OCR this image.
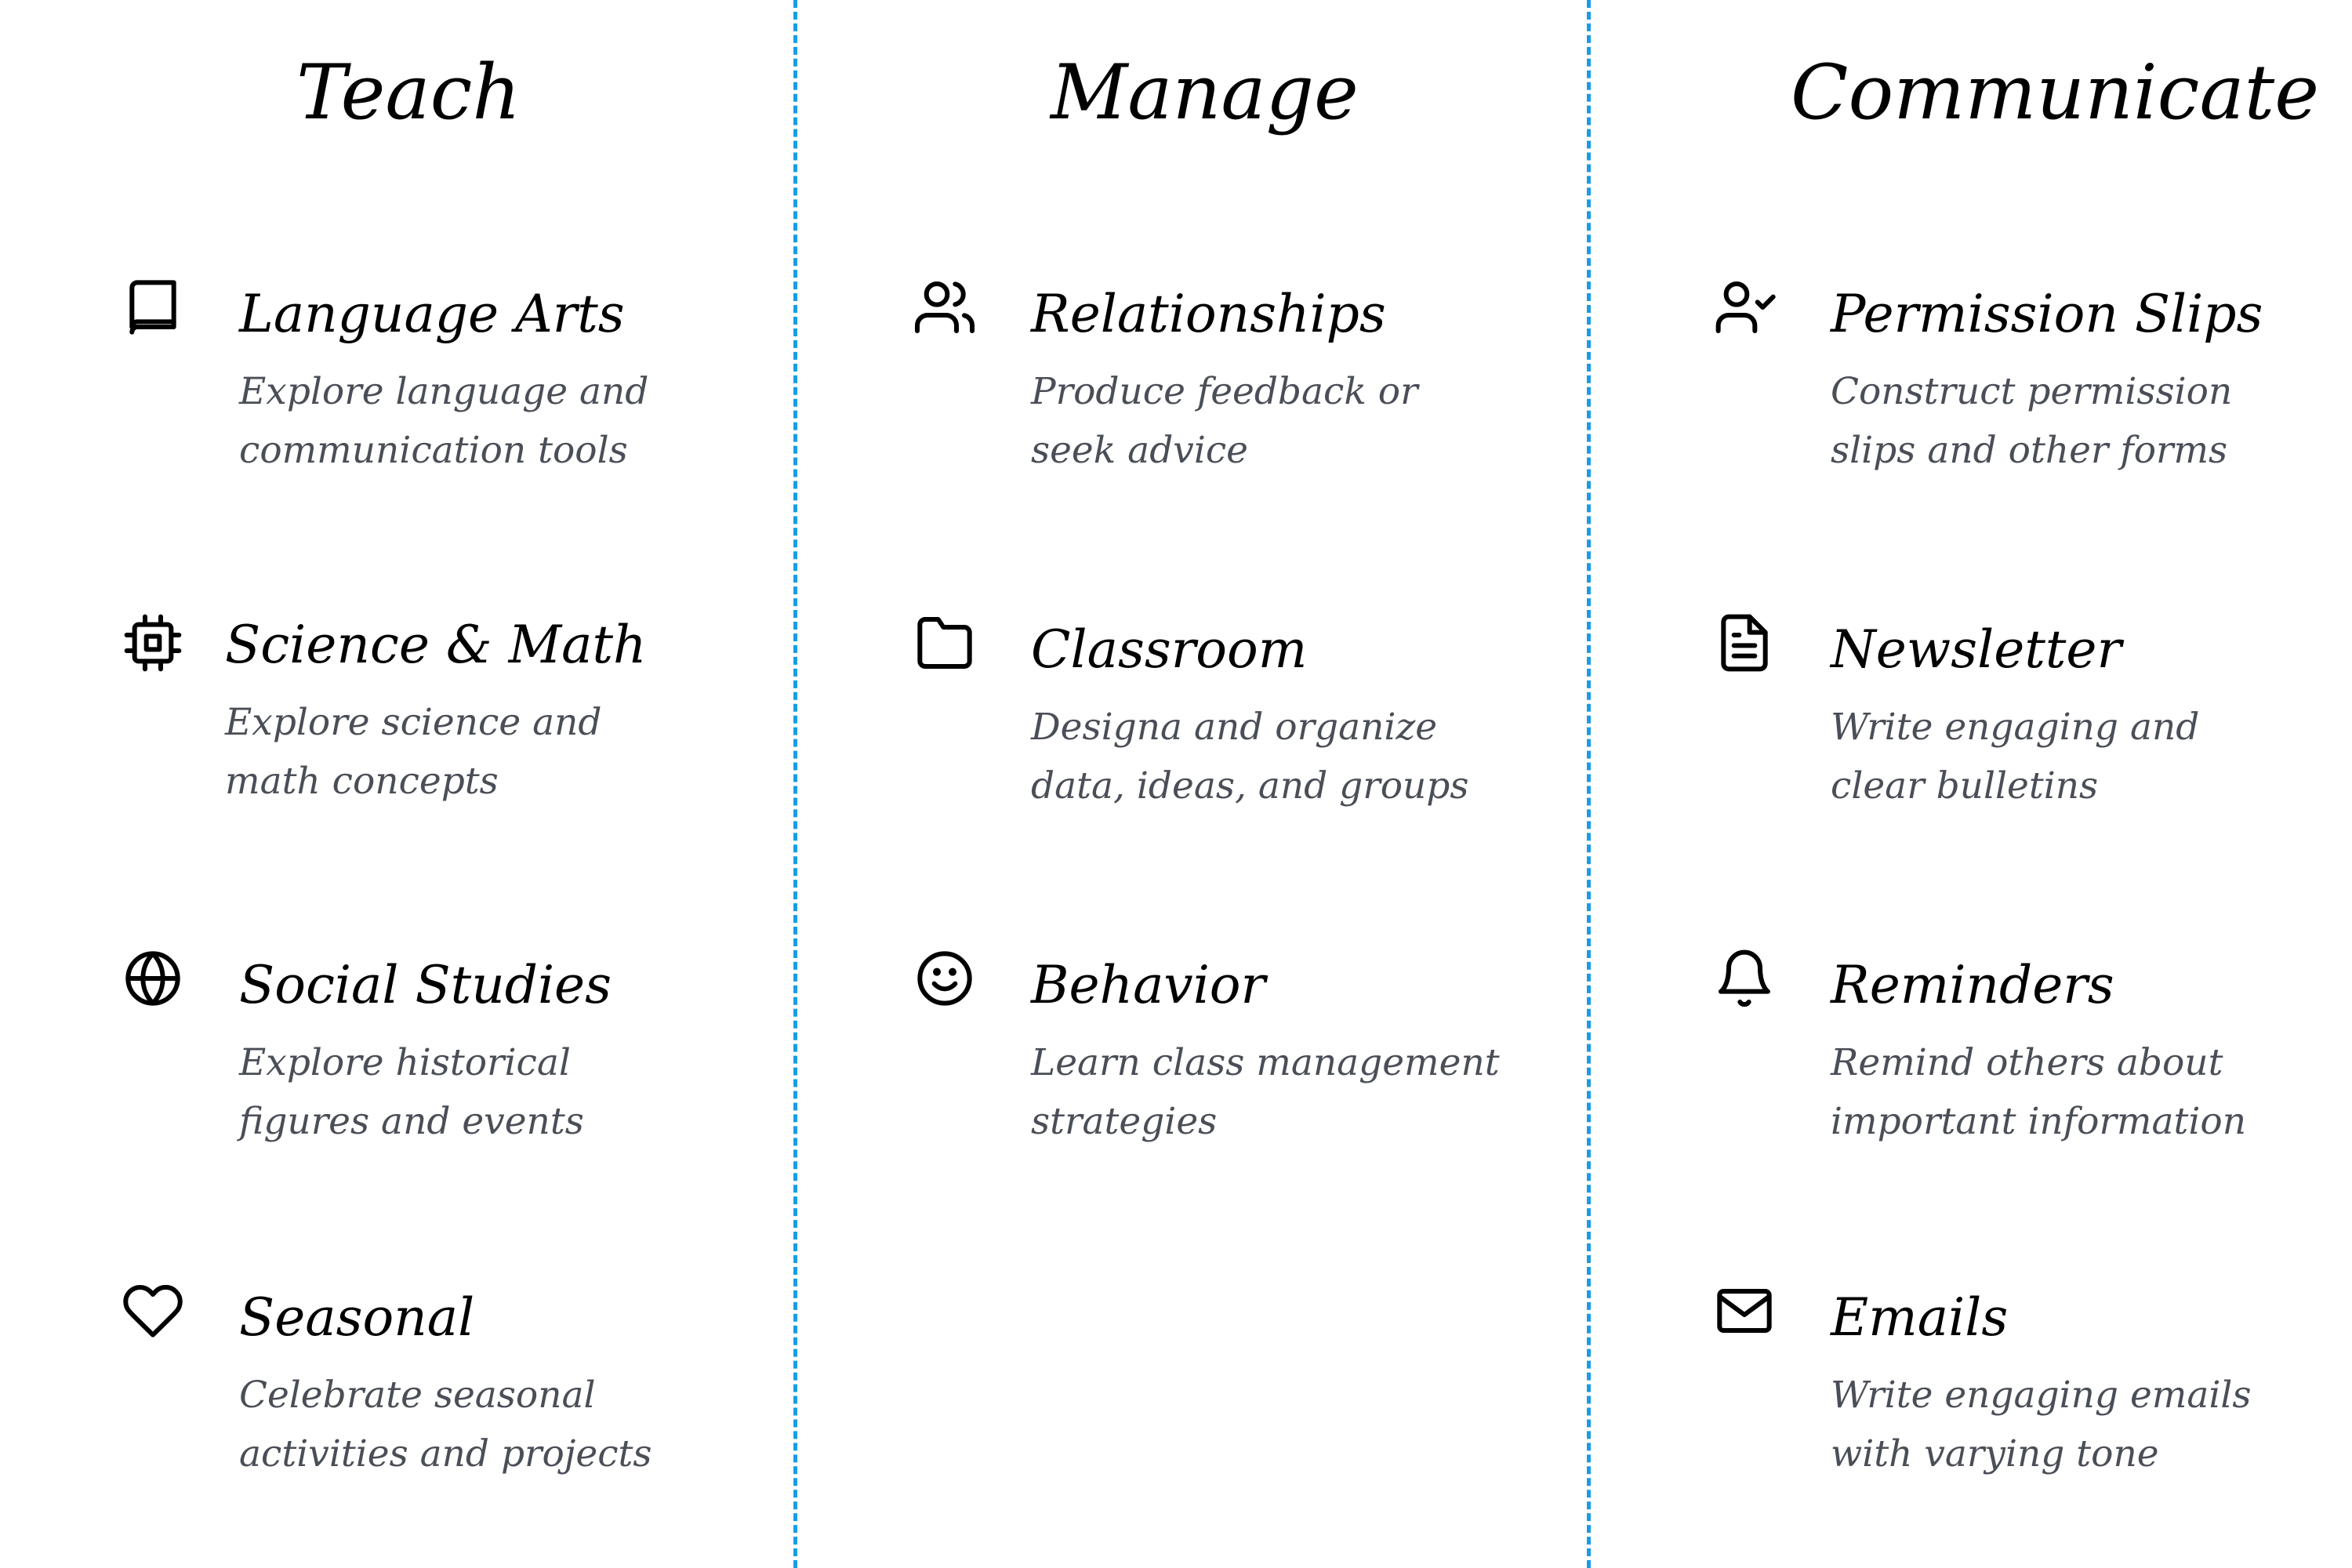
Teach	Manage	Communicate
Language Arts
Explore language and
communication tools
Science & Math
Explore science and
math concepts
Social Studies
Explore historical
figures and events
Seasonal
Celebrate seasonal
activities and projects
Relationships
Produce feedback or
seek advice
Classroom
Designa and organize
data, ideas, and groups
Behavior
Learn class management
strategies
Permission Slips
Construct permission
slips and other forms
Newsletter
Write engaging and
clear bulletins
Reminders
Remind others about
important information
Emails
Write engaging emails
with varying tone
